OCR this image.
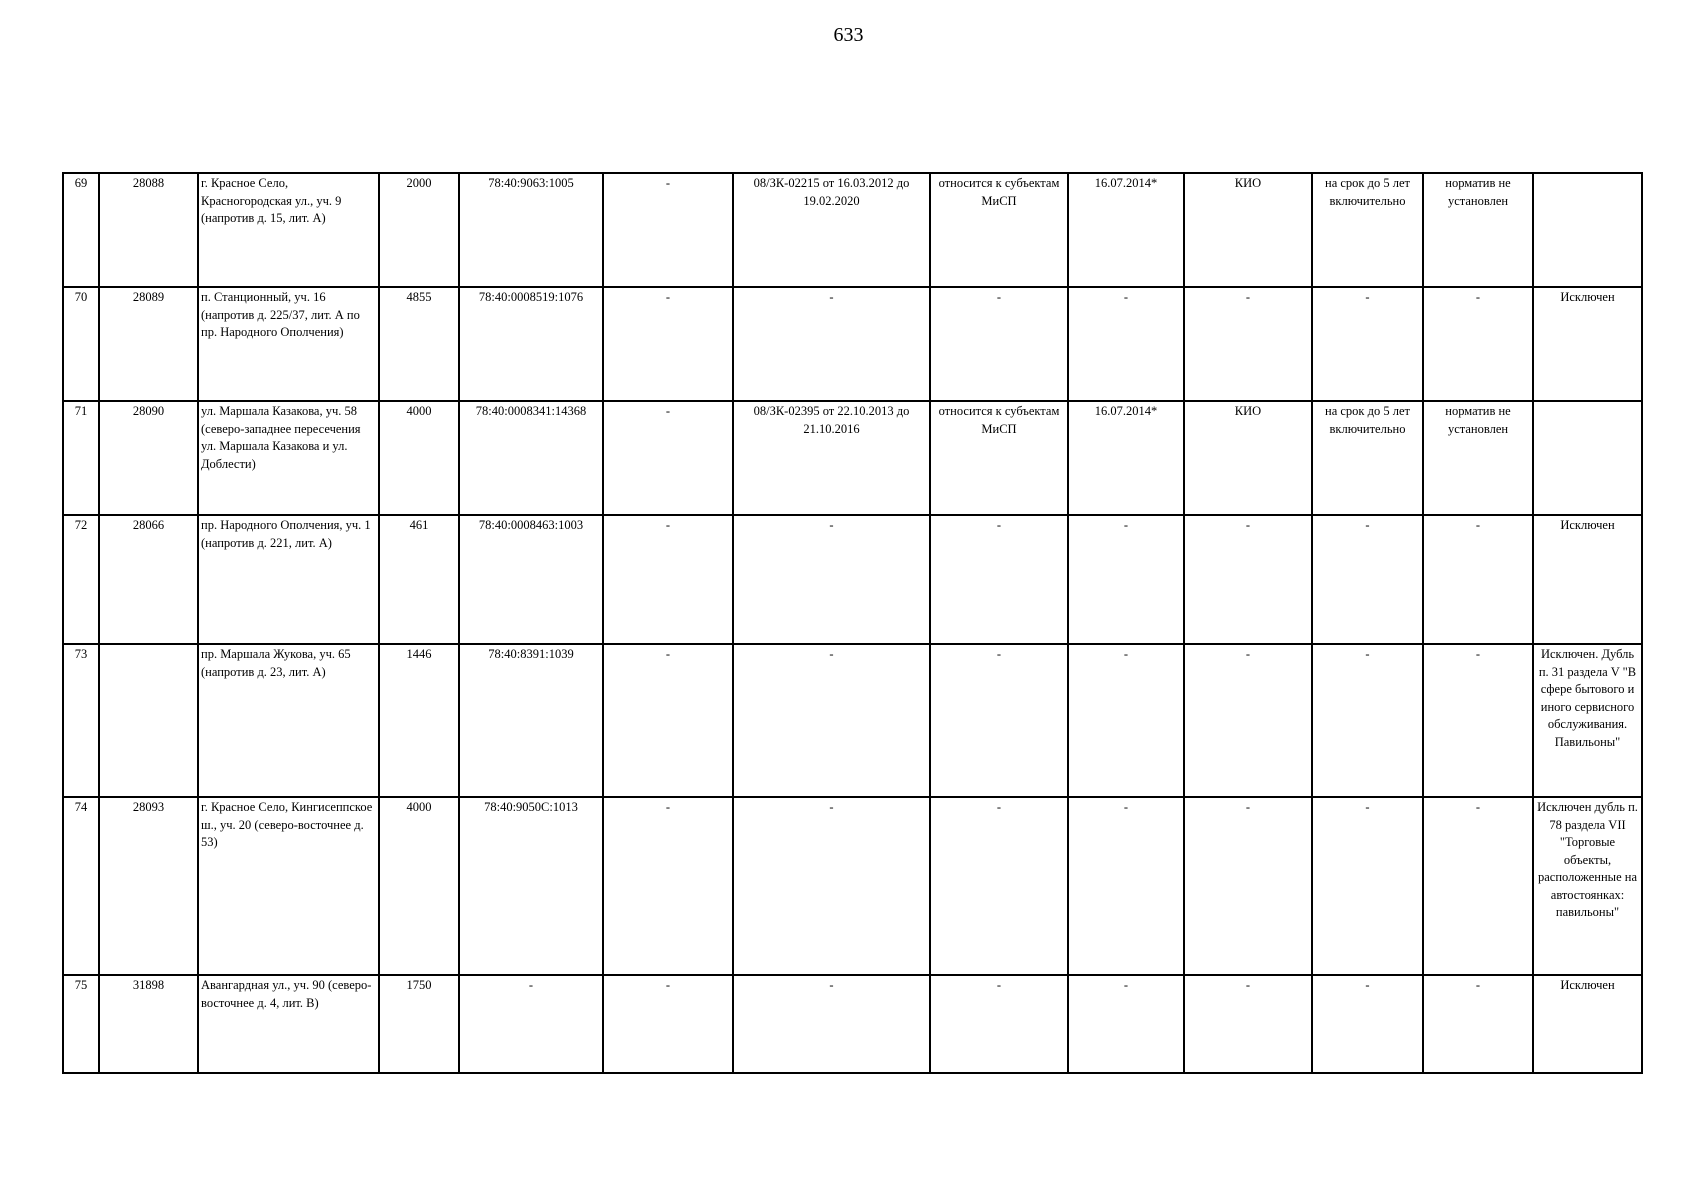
633
69	28088	г. Красное Село, Красногородская ул., уч. 9 (напротив д. 15, лит. А)	2000	78:40:9063:1005	-	08/ЗК-02215 от 16.03.2012 до 19.02.2020	относится к субъектам МиСП	16.07.2014*	КИО	на срок до 5 лет включительно	норматив не установлен	
70	28089	п. Станционный, уч. 16 (напротив д. 225/37, лит. А по пр. Народного Ополчения)	4855	78:40:0008519:1076	-	-	-	-	-	-	-	Исключен
71	28090	ул. Маршала Казакова, уч. 58 (северо-западнее пересечения ул. Маршала Казакова и ул. Доблести)	4000	78:40:0008341:14368	-	08/ЗК-02395 от 22.10.2013 до 21.10.2016	относится к субъектам МиСП	16.07.2014*	КИО	на срок до 5 лет включительно	норматив не установлен	
72	28066	пр. Народного Ополчения, уч. 1 (напротив д. 221, лит. А)	461	78:40:0008463:1003	-	-	-	-	-	-	-	Исключен
73		пр. Маршала Жукова, уч. 65 (напротив д. 23, лит. А)	1446	78:40:8391:1039	-	-	-	-	-	-	-	Исключен. Дубль п. 31 раздела V "В сфере бытового и иного сервисного обслуживания. Павильоны"
74	28093	г. Красное Село, Кингисеппское ш., уч. 20 (северо-восточнее д. 53)	4000	78:40:9050С:1013	-	-	-	-	-	-	-	Исключен дубль п. 78 раздела VII "Торговые объекты, расположенные на автостоянках: павильоны"
75	31898	Авангардная ул., уч. 90 (северо-восточнее д. 4, лит. В)	1750	-	-	-	-	-	-	-	-	Исключен
